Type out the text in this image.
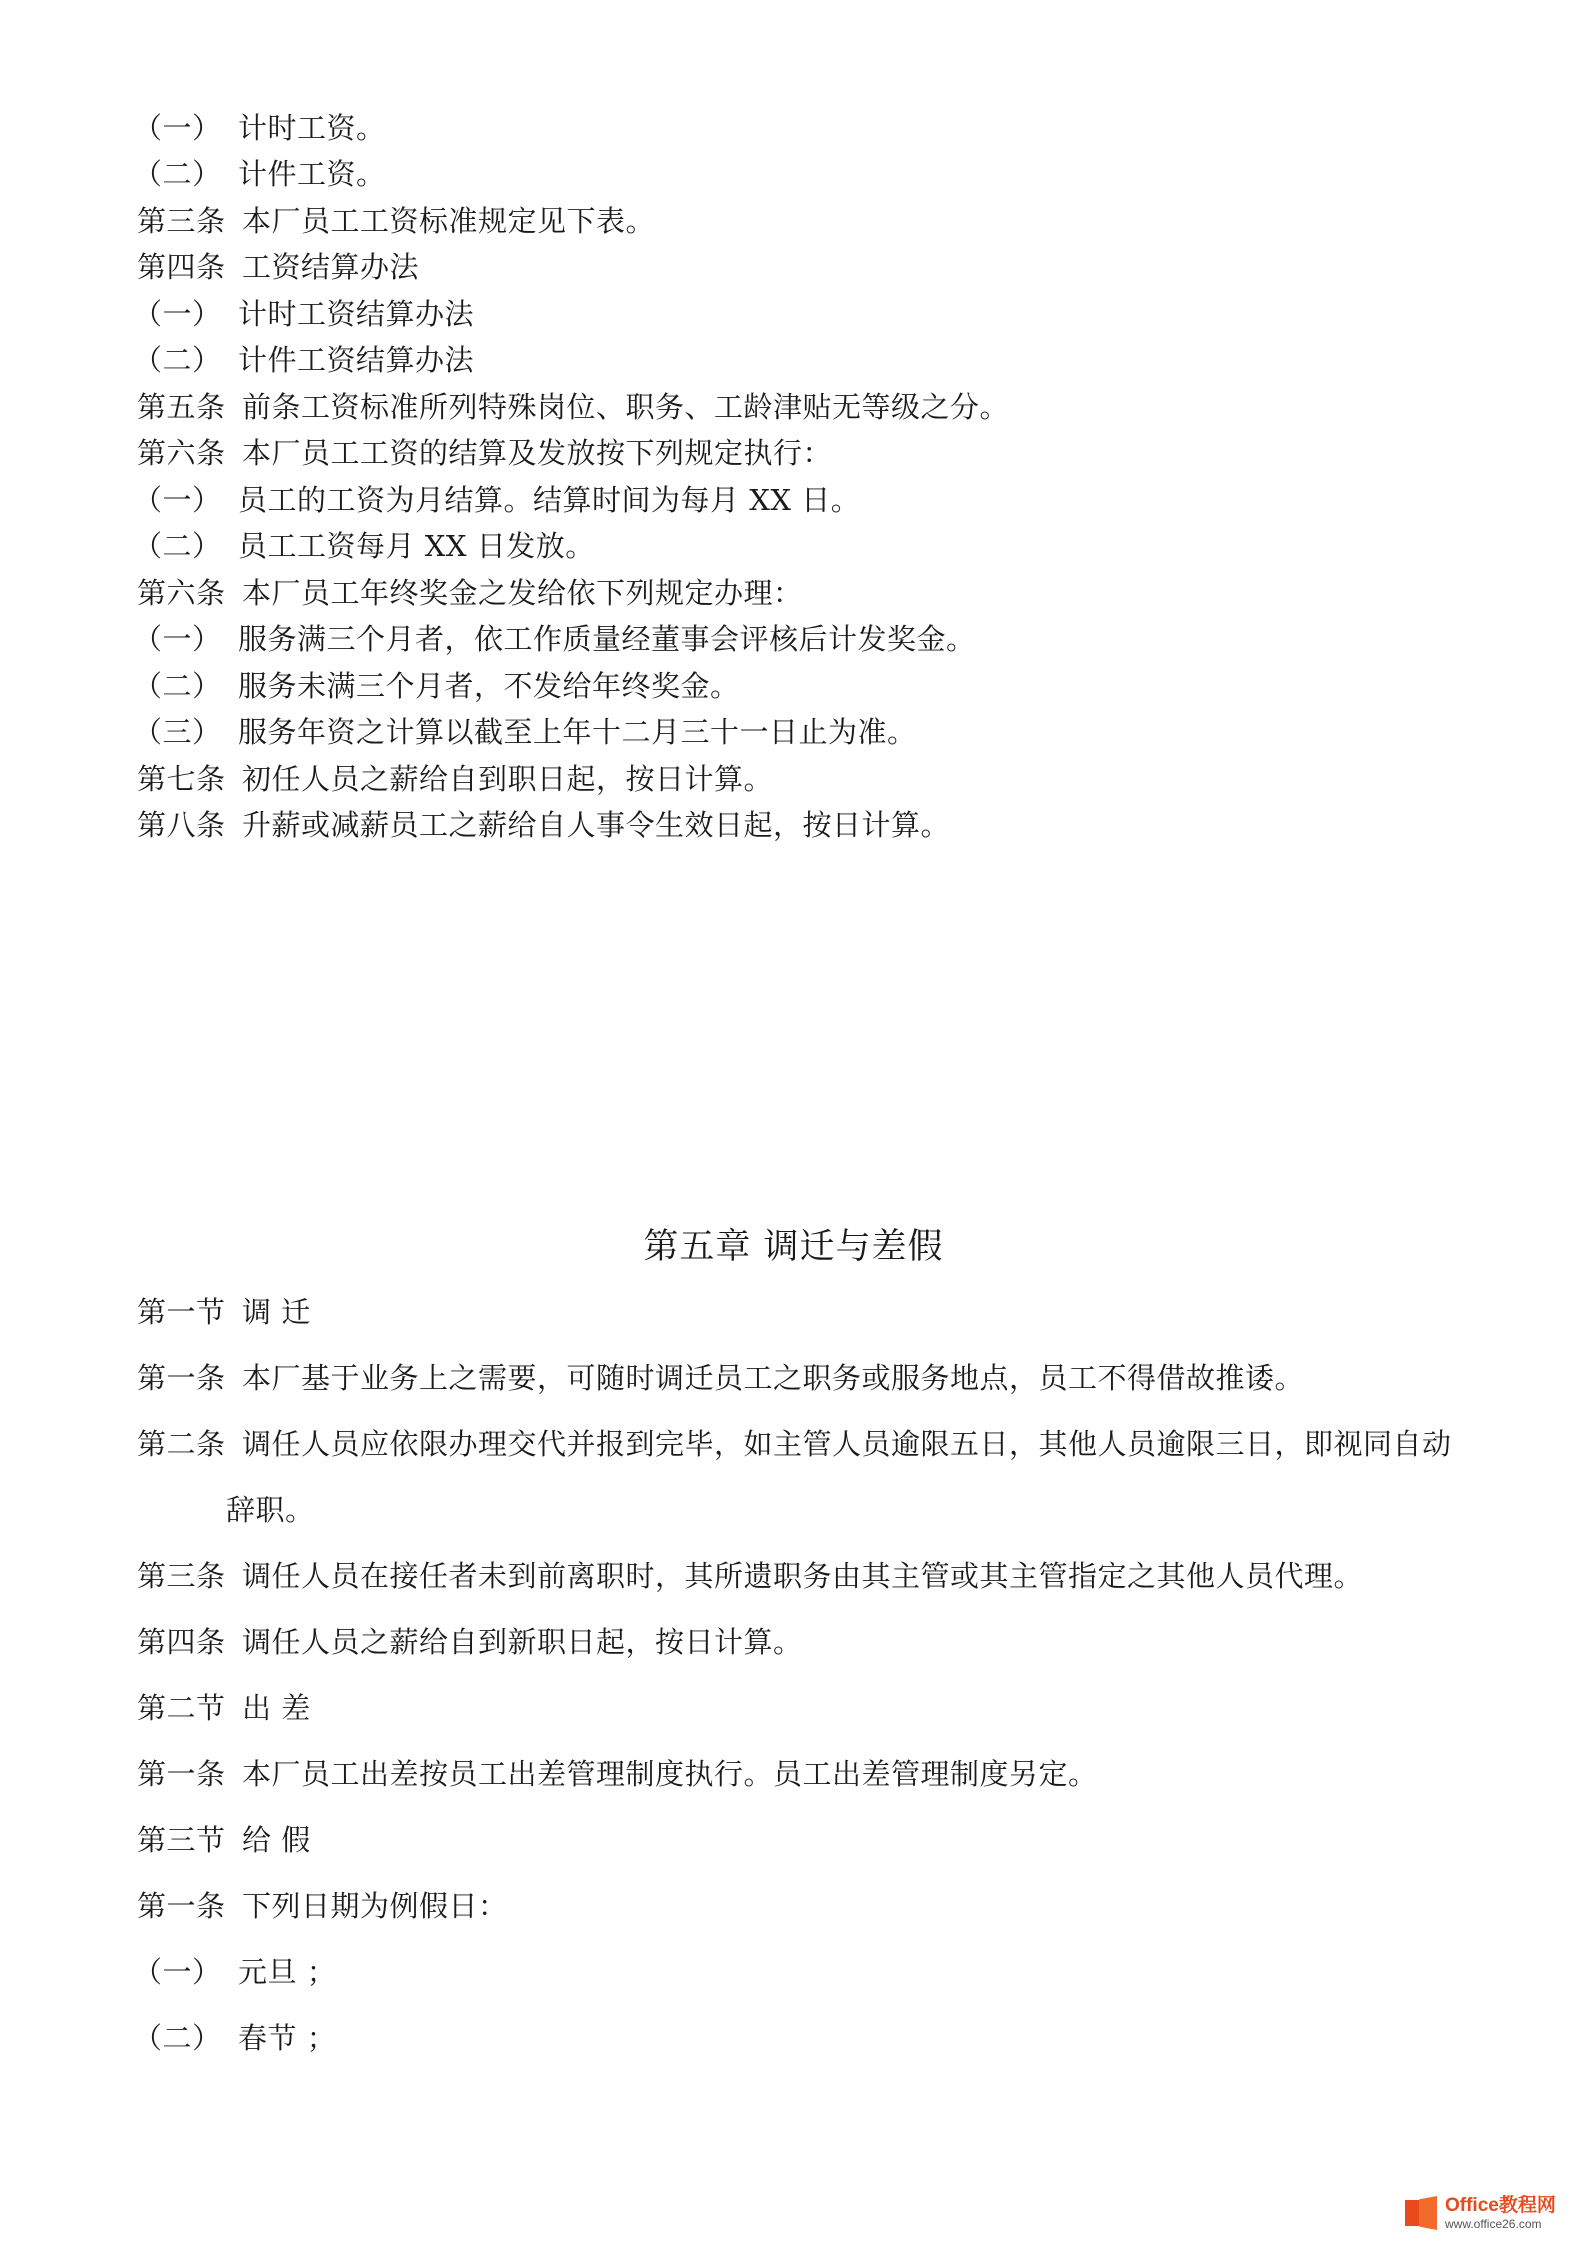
（一） 计时工资。
（二） 计件工资。
第三条 本厂员工工资标准规定见下表。
第四条 工资结算办法
（一） 计时工资结算办法
（二） 计件工资结算办法
第五条 前条工资标准所列特殊岗位、职务、工龄津贴无等级之分。
第六条 本厂员工工资的结算及发放按下列规定执行：
（一） 员工的工资为月结算。结算时间为每月 XX 日。
（二） 员工工资每月 XX 日发放。
第六条 本厂员工年终奖金之发给依下列规定办理：
（一） 服务满三个月者，依工作质量经董事会评核后计发奖金。
（二） 服务未满三个月者，不发给年终奖金。
（三） 服务年资之计算以截至上年十二月三十一日止为准。
第七条 初任人员之薪给自到职日起，按日计算。
第八条 升薪或减薪员工之薪给自人事令生效日起，按日计算。
第五章 调迁与差假
第一节 调 迁
第一条 本厂基于业务上之需要，可随时调迁员工之职务或服务地点，员工不得借故推诿。
第二条 调任人员应依限办理交代并报到完毕，如主管人员逾限五日，其他人员逾限三日，即视同自动
辞职。
第三条 调任人员在接任者未到前离职时，其所遗职务由其主管或其主管指定之其他人员代理。
第四条 调任人员之薪给自到新职日起，按日计算。
第二节 出 差
第一条 本厂员工出差按员工出差管理制度执行。员工出差管理制度另定。
第三节 给 假
第一条 下列日期为例假日：
（一） 元旦 ；
（二） 春节 ；
Office教程网
www.office26.com
